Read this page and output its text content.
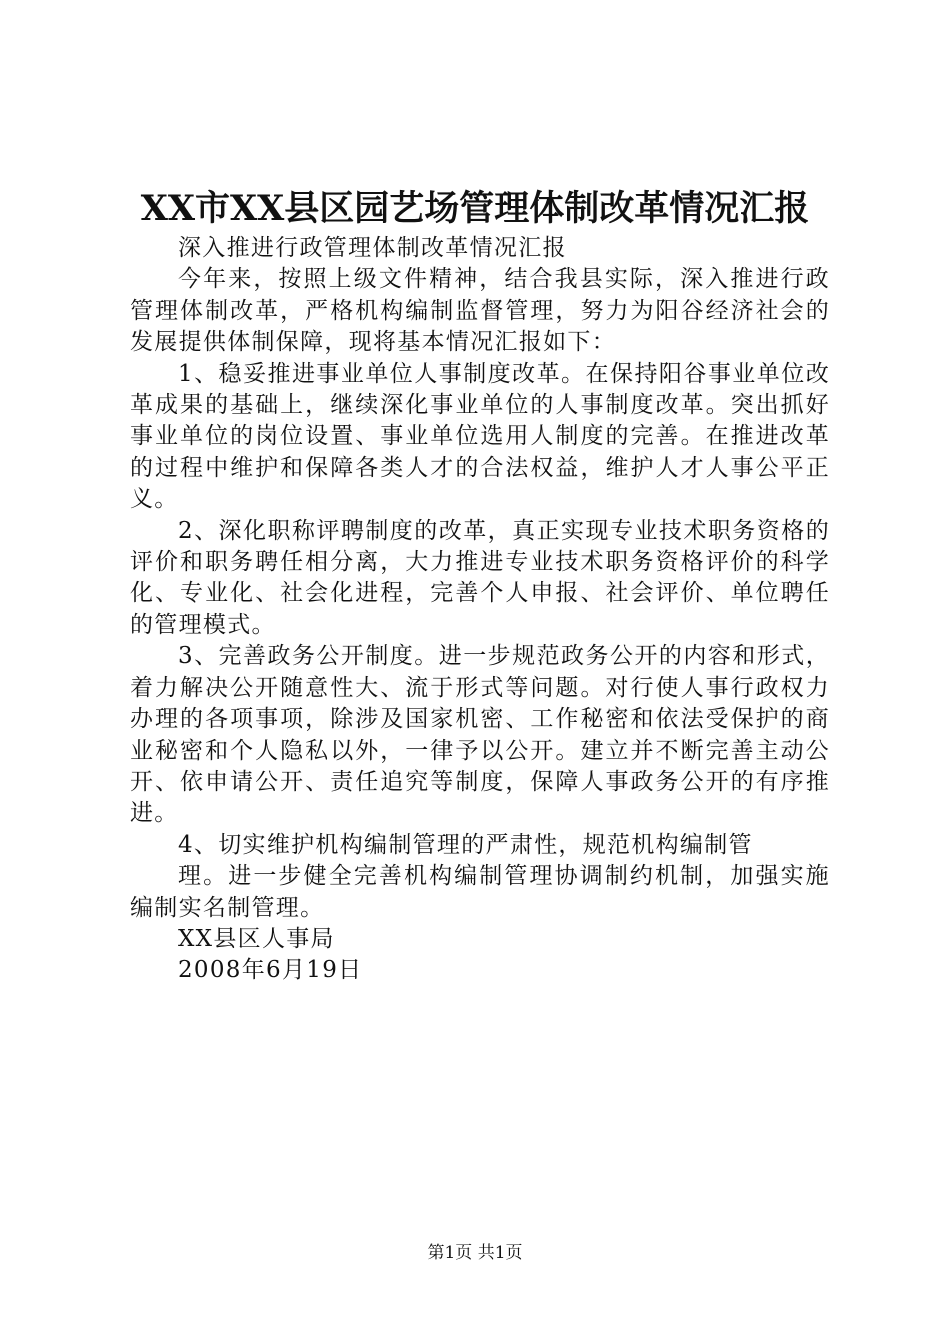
XX市XX县区园艺场管理体制改革情况汇报

深入推进行政管理体制改革情况汇报

今年来，按照上级文件精神，结合我县实际，深入推进行政管理体制改革，严格机构编制监督管理，努力为阳谷经济社会的发展提供体制保障，现将基本情况汇报如下：

1、稳妥推进事业单位人事制度改革。在保持阳谷事业单位改革成果的基础上，继续深化事业单位的人事制度改革。突出抓好事业单位的岗位设置、事业单位选用人制度的完善。在推进改革的过程中维护和保障各类人才的合法权益，维护人才人事公平正义。

2、深化职称评聘制度的改革，真正实现专业技术职务资格的评价和职务聘任相分离，大力推进专业技术职务资格评价的科学化、专业化、社会化进程，完善个人申报、社会评价、单位聘任的管理模式。

3、完善政务公开制度。进一步规范政务公开的内容和形式，着力解决公开随意性大、流于形式等问题。对行使人事行政权力办理的各项事项，除涉及国家机密、工作秘密和依法受保护的商业秘密和个人隐私以外，一律予以公开。建立并不断完善主动公开、依申请公开、责任追究等制度，保障人事政务公开的有序推进。

4、切实维护机构编制管理的严肃性，规范机构编制管

理。进一步健全完善机构编制管理协调制约机制，加强实施编制实名制管理。

XX县区人事局

2008年6月19日

第1页 共1页
